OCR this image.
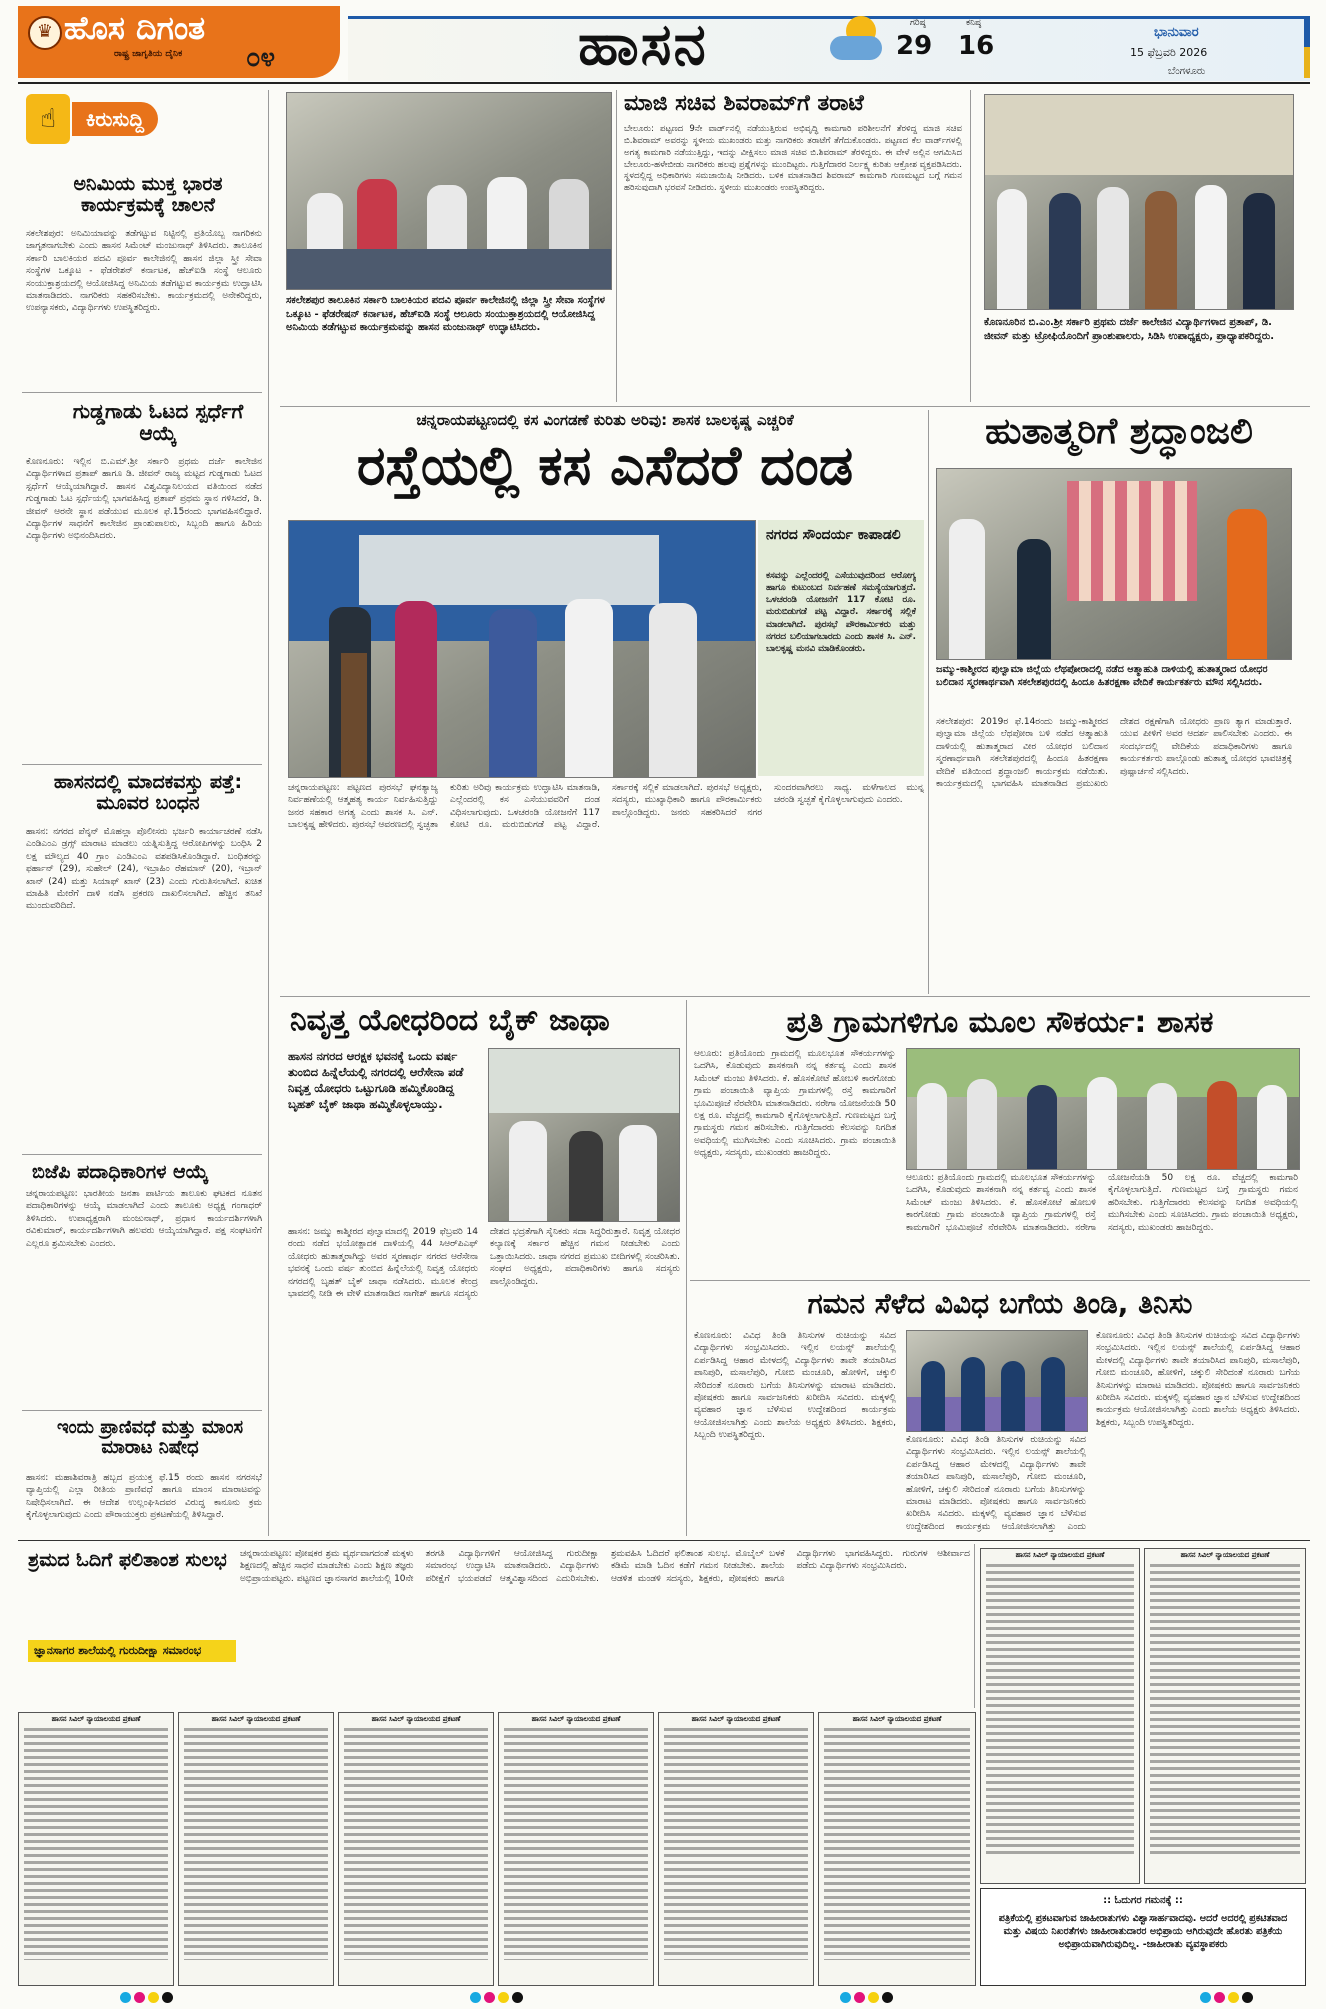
♛ ಹೊಸ ದಿಗಂತ
ರಾಷ್ಟ್ರ ಜಾಗೃತಿಯ ದೈನಿಕ ೦೪	ಹಾಸನ	ಗರಿಷ್ಠ
29
ಕನಿಷ್ಠ
16	ಭಾನುವಾರ
15 ಫೆಬ್ರವರಿ 2026
ಬೆಂಗಳೂರು
☝	ಕಿರುಸುದ್ದಿ
ಅನಿಮಿಯ ಮುಕ್ತ ಭಾರತ ಕಾರ್ಯಕ್ರಮಕ್ಕೆ ಚಾಲನೆ
ಸಕಲೇಶಪುರ: ಅನಿಮಿಯಾವನ್ನು ತಡೆಗಟ್ಟುವ ನಿಟ್ಟಿನಲ್ಲಿ ಪ್ರತಿಯೊಬ್ಬ ನಾಗರಿಕನು ಜಾಗೃತನಾಗಬೇಕು ಎಂದು ಹಾಸನ ಸಿಮೆಂಟ್ ಮಂಜುನಾಥ್ ತಿಳಿಸಿದರು. ತಾಲೂಕಿನ ಸರ್ಕಾರಿ ಬಾಲಕಿಯರ ಪದವಿ ಪೂರ್ವ ಕಾಲೇಜಿನಲ್ಲಿ ಹಾಸನ ಜಿಲ್ಲಾ ಸ್ತ್ರೀ ಸೇವಾ ಸಂಸ್ಥೆಗಳ ಒಕ್ಕೂಟ - ಫೆಡರೇಶನ್ ಕರ್ನಾಟಕ, ಹೆಚ್‌ಐಡಿ ಸಂಸ್ಥೆ ಆಲೂರು ಸಂಯುಕ್ತಾಶ್ರಯದಲ್ಲಿ ಆಯೋಜಿಸಿದ್ದ ಅನಿಮಿಯ ತಡೆಗಟ್ಟುವ ಕಾರ್ಯಕ್ರಮ ಉದ್ಘಾಟಿಸಿ ಮಾತನಾಡಿದರು. ನಾಗರಿಕರು ಸಹಕರಿಸಬೇಕು. ಕಾರ್ಯಕ್ರಮದಲ್ಲಿ ಅನೇಕರಿದ್ದರು, ಉಪನ್ಯಾಸಕರು, ವಿದ್ಯಾರ್ಥಿಗಳು ಉಪಸ್ಥಿತರಿದ್ದರು.
ಗುಡ್ಡಗಾಡು ಓಟದ ಸ್ಪರ್ಧೆಗೆ ಆಯ್ಕೆ
ಕೊಣನೂರು: ಇಲ್ಲಿನ ಬಿ.ಎಮ್.ಶ್ರೀ ಸರ್ಕಾರಿ ಪ್ರಥಮ ದರ್ಜೆ ಕಾಲೇಜಿನ ವಿದ್ಯಾರ್ಥಿಗಳಾದ ಪ್ರತಾಪ್ ಹಾಗೂ ಡಿ. ಜೀವನ್ ರಾಜ್ಯ ಮಟ್ಟದ ಗುಡ್ಡಗಾಡು ಓಟದ ಸ್ಪರ್ಧೆಗೆ ಆಯ್ಕೆಯಾಗಿದ್ದಾರೆ. ಹಾಸನ ವಿಶ್ವವಿದ್ಯಾನಿಲಯದ ವತಿಯಿಂದ ನಡೆದ ಗುಡ್ಡಗಾಡು ಓಟ ಸ್ಪರ್ಧೆಯಲ್ಲಿ ಭಾಗವಹಿಸಿದ್ದ ಪ್ರತಾಪ್ ಪ್ರಥಮ ಸ್ಥಾನ ಗಳಿಸಿದರೆ, ಡಿ. ಜೀವನ್ ಆರನೇ ಸ್ಥಾನ ಪಡೆಯುವ ಮೂಲಕ ಫೆ.15ರಂದು ಭಾಗವಹಿಸಲಿದ್ದಾರೆ. ವಿದ್ಯಾರ್ಥಿಗಳ ಸಾಧನೆಗೆ ಕಾಲೇಜಿನ ಪ್ರಾಂಶುಪಾಲರು, ಸಿಬ್ಬಂದಿ ಹಾಗೂ ಹಿರಿಯ ವಿದ್ಯಾರ್ಥಿಗಳು ಅಭಿನಂದಿಸಿದರು.
ಹಾಸನದಲ್ಲಿ ಮಾದಕವಸ್ತು ಪತ್ತೆ: ಮೂವರ ಬಂಧನ
ಹಾಸನ: ನಗರದ ಪೆನ್ಶನ್ ಮೊಹಲ್ಲಾ ಪೊಲೀಸರು ಭರ್ಜರಿ ಕಾರ್ಯಾಚರಣೆ ನಡೆಸಿ ಎಂಡಿಎಂಎ ಡ್ರಗ್ಸ್ ಮಾರಾಟ ಮಾಡಲು ಯತ್ನಿಸುತ್ತಿದ್ದ ಆರೋಪಿಗಳನ್ನು ಬಂಧಿಸಿ 2 ಲಕ್ಷ ಮೌಲ್ಯದ 40 ಗ್ರಾಂ ಎಂಡಿಎಂಎ ವಶಪಡಿಸಿಕೊಂಡಿದ್ದಾರೆ. ಬಂಧಿತರನ್ನು ಫರ್ಹಾನ್ (29), ಸುಹೇಲ್ (24), ಇಬ್ರಾಹಿಂ ರೆಹಮಾನ್ (20), ಇಬ್ರಾನ್ ಖಾನ್ (24) ಮತ್ತು ಸಿಯಾಫ್ ಖಾನ್ (23) ಎಂದು ಗುರುತಿಸಲಾಗಿದೆ. ಖಚಿತ ಮಾಹಿತಿ ಮೇರೆಗೆ ದಾಳಿ ನಡೆಸಿ ಪ್ರಕರಣ ದಾಖಲಿಸಲಾಗಿದೆ. ಹೆಚ್ಚಿನ ತನಿಖೆ ಮುಂದುವರಿದಿದೆ.
ಬಿಜೆಪಿ ಪದಾಧಿಕಾರಿಗಳ ಆಯ್ಕೆ
ಚನ್ನರಾಯಪಟ್ಟಣ: ಭಾರತೀಯ ಜನತಾ ಪಾರ್ಟಿಯ ತಾಲೂಕು ಘಟಕದ ನೂತನ ಪದಾಧಿಕಾರಿಗಳನ್ನು ಆಯ್ಕೆ ಮಾಡಲಾಗಿದೆ ಎಂದು ತಾಲೂಕು ಅಧ್ಯಕ್ಷ ಗಂಗಾಧರ್ ತಿಳಿಸಿದರು. ಉಪಾಧ್ಯಕ್ಷರಾಗಿ ಮಂಜುನಾಥ್, ಪ್ರಧಾನ ಕಾರ್ಯದರ್ಶಿಗಳಾಗಿ ರವಿಕುಮಾರ್, ಕಾರ್ಯದರ್ಶಿಗಳಾಗಿ ಹಲವರು ಆಯ್ಕೆಯಾಗಿದ್ದಾರೆ. ಪಕ್ಷ ಸಂಘಟನೆಗೆ ಎಲ್ಲರೂ ಶ್ರಮಿಸಬೇಕು ಎಂದರು.
ಇಂದು ಪ್ರಾಣಿವಧೆ ಮತ್ತು ಮಾಂಸ ಮಾರಾಟ ನಿಷೇಧ
ಹಾಸನ: ಮಹಾಶಿವರಾತ್ರಿ ಹಬ್ಬದ ಪ್ರಯುಕ್ತ ಫೆ.15 ರಂದು ಹಾಸನ ನಗರಸಭೆ ವ್ಯಾಪ್ತಿಯಲ್ಲಿ ಎಲ್ಲಾ ರೀತಿಯ ಪ್ರಾಣಿವಧೆ ಹಾಗೂ ಮಾಂಸ ಮಾರಾಟವನ್ನು ನಿಷೇಧಿಸಲಾಗಿದೆ. ಈ ಆದೇಶ ಉಲ್ಲಂಘಿಸಿದವರ ವಿರುದ್ಧ ಕಾನೂನು ಕ್ರಮ ಕೈಗೊಳ್ಳಲಾಗುವುದು ಎಂದು ಪೌರಾಯುಕ್ತರು ಪ್ರಕಟಣೆಯಲ್ಲಿ ತಿಳಿಸಿದ್ದಾರೆ.
ಸಕಲೇಶಪುರ ತಾಲೂಕಿನ ಸರ್ಕಾರಿ ಬಾಲಕಿಯರ ಪದವಿ ಪೂರ್ವ ಕಾಲೇಜಿನಲ್ಲಿ ಜಿಲ್ಲಾ ಸ್ತ್ರೀ ಸೇವಾ ಸಂಸ್ಥೆಗಳ ಒಕ್ಕೂಟ - ಫೆಡರೇಷನ್ ಕರ್ನಾಟಕ, ಹೆಚ್‌ಐಡಿ ಸಂಸ್ಥೆ ಆಲೂರು ಸಂಯುಕ್ತಾಶ್ರಯದಲ್ಲಿ ಆಯೋಜಿಸಿದ್ದ ಅನಿಮಿಯ ತಡೆಗಟ್ಟುವ ಕಾರ್ಯಕ್ರಮವನ್ನು ಹಾಸನ ಮಂಜುನಾಥ್ ಉದ್ಘಾಟಿಸಿದರು.
ಮಾಜಿ ಸಚಿವ ಶಿವರಾಮ್‌ಗೆ ತರಾಟೆ
ಬೇಲೂರು: ಪಟ್ಟಣದ 9ನೇ ವಾರ್ಡ್‌ನಲ್ಲಿ ನಡೆಯುತ್ತಿರುವ ಅಭಿವೃದ್ಧಿ ಕಾಮಗಾರಿ ಪರಿಶೀಲನೆಗೆ ತೆರಳಿದ್ದ ಮಾಜಿ ಸಚಿವ ಬಿ.ಶಿವರಾಮ್ ಅವರನ್ನು ಸ್ಥಳೀಯ ಮುಖಂಡರು ಮತ್ತು ನಾಗರಿಕರು ತರಾಟೆಗೆ ತೆಗೆದುಕೊಂಡರು. ಪಟ್ಟಣದ ಕೆಲ ವಾರ್ಡ್‌ಗಳಲ್ಲಿ ಅಗತ್ಯ ಕಾಮಗಾರಿ ನಡೆಯುತ್ತಿದ್ದು, ಇದನ್ನು ವೀಕ್ಷಿಸಲು ಮಾಜಿ ಸಚಿವ ಬಿ.ಶಿವರಾಮ್ ತೆರಳಿದ್ದರು. ಈ ವೇಳೆ ಅಲ್ಲಿನ ಆಗಮಿಸಿದ ಬೇಲೂರು-ಹಳೇಬೀಡು ನಾಗರಿಕರು ಹಲವು ಪ್ರಶ್ನೆಗಳನ್ನು ಮುಂದಿಟ್ಟರು. ಗುತ್ತಿಗೆದಾರರ ನಿರ್ಲಕ್ಷ್ಯ ಕುರಿತು ಆಕ್ರೋಶ ವ್ಯಕ್ತಪಡಿಸಿದರು. ಸ್ಥಳದಲ್ಲಿದ್ದ ಅಧಿಕಾರಿಗಳು ಸಮಜಾಯಿಷಿ ನೀಡಿದರು. ಬಳಿಕ ಮಾತನಾಡಿದ ಶಿವರಾಮ್ ಕಾಮಗಾರಿ ಗುಣಮಟ್ಟದ ಬಗ್ಗೆ ಗಮನ ಹರಿಸುವುದಾಗಿ ಭರವಸೆ ನೀಡಿದರು. ಸ್ಥಳೀಯ ಮುಖಂಡರು ಉಪಸ್ಥಿತರಿದ್ದರು.
ಕೊಣನೂರಿನ ಬಿ.ಎಂ.ಶ್ರೀ ಸರ್ಕಾರಿ ಪ್ರಥಮ ದರ್ಜೆ ಕಾಲೇಜಿನ ವಿದ್ಯಾರ್ಥಿಗಳಾದ ಪ್ರತಾಪ್, ಡಿ. ಜೀವನ್ ಮತ್ತು ಟ್ರೋಫಿಯೊಂದಿಗೆ ಪ್ರಾಂಶುಪಾಲರು, ಸಿಡಿಸಿ ಉಪಾಧ್ಯಕ್ಷರು, ಪ್ರಾಧ್ಯಾಪಕರಿದ್ದರು.
ಚನ್ನರಾಯಪಟ್ಟಣದಲ್ಲಿ ಕಸ ವಿಂಗಡಣೆ ಕುರಿತು ಅರಿವು: ಶಾಸಕ ಬಾಲಕೃಷ್ಣ ಎಚ್ಚರಿಕೆ
ರಸ್ತೆಯಲ್ಲಿ ಕಸ ಎಸೆದರೆ ದಂಡ
ನಗರದ ಸೌಂದರ್ಯ ಕಾಪಾಡಲಿ
ಕಸವನ್ನು ಎಲ್ಲೆಂದರಲ್ಲಿ ಎಸೆಯುವುದರಿಂದ ಆರೋಗ್ಯ ಹಾಗೂ ಕುಟುಂಬದ ನಿರ್ವಹಣೆ ಸಮಸ್ಯೆಯಾಗುತ್ತದೆ. ಒಳಚರಂಡಿ ಯೋಜನೆಗೆ 117 ಕೋಟಿ ರೂ. ಮರುಬಿಡುಗಡೆ ಪಟ್ಟ ವಿದ್ದಾರೆ. ಸರ್ಕಾರಕ್ಕೆ ಸಲ್ಲಿಕೆ ಮಾಡಲಾಗಿದೆ. ಪುರಸಭೆ ಪೌರಕಾರ್ಮಿಕರು ಮತ್ತು ನಗರದ ಬಲಿಯಾಗಬಾರದು ಎಂದು ಶಾಸಕ ಸಿ. ಎನ್. ಬಾಲಕೃಷ್ಣ ಮನವಿ ಮಾಡಿಕೊಂಡರು.
ಚನ್ನರಾಯಪಟ್ಟಣ: ಪಟ್ಟಣದ ಪುರಸಭೆ ಘನತ್ಯಾಜ್ಯ ನಿರ್ವಹಣೆಯಲ್ಲಿ ಆತ್ಮಹತ್ಯ ಕಾರ್ಯ ನಿರ್ವಹಿಸುತ್ತಿದ್ದು ಜನರ ಸಹಕಾರ ಅಗತ್ಯ ಎಂದು ಶಾಸಕ ಸಿ. ಎನ್. ಬಾಲಕೃಷ್ಣ ಹೇಳಿದರು. ಪುರಸಭೆ ಆವರಣದಲ್ಲಿ ಸ್ವಚ್ಛತಾ ಕುರಿತು ಅರಿವು ಕಾರ್ಯಕ್ರಮ ಉದ್ಘಾಟಿಸಿ ಮಾತನಾಡಿ, ಎಲ್ಲೆಂದರಲ್ಲಿ ಕಸ ಎಸೆಯುವವರಿಗೆ ದಂಡ ವಿಧಿಸಲಾಗುವುದು. ಒಳಚರಂಡಿ ಯೋಜನೆಗೆ 117 ಕೋಟಿ ರೂ. ಮರುಬಿಡುಗಡೆ ಪಟ್ಟ ವಿದ್ದಾರೆ. ಸರ್ಕಾರಕ್ಕೆ ಸಲ್ಲಿಕೆ ಮಾಡಲಾಗಿದೆ. ಪುರಸಭೆ ಅಧ್ಯಕ್ಷರು, ಸದಸ್ಯರು, ಮುಖ್ಯಾಧಿಕಾರಿ ಹಾಗೂ ಪೌರಕಾರ್ಮಿಕರು ಪಾಲ್ಗೊಂಡಿದ್ದರು. ಜನರು ಸಹಕರಿಸಿದರೆ ನಗರ ಸುಂದರವಾಗಿರಲು ಸಾಧ್ಯ. ಮಳೆಗಾಲದ ಮುನ್ನ ಚರಂಡಿ ಸ್ವಚ್ಛತೆ ಕೈಗೊಳ್ಳಲಾಗುವುದು ಎಂದರು.
ಹುತಾತ್ಮರಿಗೆ ಶ್ರದ್ಧಾಂಜಲಿ
ಜಮ್ಮು-ಕಾಶ್ಮೀರದ ಪುಲ್ವಾಮಾ ಜಿಲ್ಲೆಯ ಲೆಥಪೋರಾದಲ್ಲಿ ನಡೆದ ಆತ್ಮಾಹುತಿ ದಾಳಿಯಲ್ಲಿ ಹುತಾತ್ಮರಾದ ಯೋಧರ ಬಲಿದಾನ ಸ್ಮರಣಾರ್ಥವಾಗಿ ಸಕಲೇಶಪುರದಲ್ಲಿ ಹಿಂದೂ ಹಿತರಕ್ಷಣಾ ವೇದಿಕೆ ಕಾರ್ಯಕರ್ತರು ಮೌನ ಸಲ್ಲಿಸಿದರು.
ಸಕಲೇಶಪುರ: 2019ರ ಫೆ.14ರಂದು ಜಮ್ಮು-ಕಾಶ್ಮೀರದ ಪುಲ್ವಾಮಾ ಜಿಲ್ಲೆಯ ಲೆಥಪೋರಾ ಬಳಿ ನಡೆದ ಆತ್ಮಾಹುತಿ ದಾಳಿಯಲ್ಲಿ ಹುತಾತ್ಮರಾದ ವೀರ ಯೋಧರ ಬಲಿದಾನ ಸ್ಮರಣಾರ್ಥವಾಗಿ ಸಕಲೇಶಪುರದಲ್ಲಿ ಹಿಂದೂ ಹಿತರಕ್ಷಣಾ ವೇದಿಕೆ ವತಿಯಿಂದ ಶ್ರದ್ಧಾಂಜಲಿ ಕಾರ್ಯಕ್ರಮ ನಡೆಯಿತು. ಕಾರ್ಯಕ್ರಮದಲ್ಲಿ ಭಾಗವಹಿಸಿ ಮಾತನಾಡಿದ ಪ್ರಮುಖರು ದೇಶದ ರಕ್ಷಣೆಗಾಗಿ ಯೋಧರು ಪ್ರಾಣ ತ್ಯಾಗ ಮಾಡುತ್ತಾರೆ. ಯುವ ಪೀಳಿಗೆ ಅವರ ಆದರ್ಶ ಪಾಲಿಸಬೇಕು ಎಂದರು. ಈ ಸಂದರ್ಭದಲ್ಲಿ ವೇದಿಕೆಯ ಪದಾಧಿಕಾರಿಗಳು ಹಾಗೂ ಕಾರ್ಯಕರ್ತರು ಪಾಲ್ಗೊಂಡು ಹುತಾತ್ಮ ಯೋಧರ ಭಾವಚಿತ್ರಕ್ಕೆ ಪುಷ್ಪಾರ್ಚನೆ ಸಲ್ಲಿಸಿದರು.
ನಿವೃತ್ತ ಯೋಧರಿಂದ ಬೈಕ್ ಜಾಥಾ
ಹಾಸನ ನಗರದ ಆರಕ್ಷಕ ಭವನಕ್ಕೆ ಒಂದು ವರ್ಷ ತುಂಬಿದ ಹಿನ್ನೆಲೆಯಲ್ಲಿ ನಗರದಲ್ಲಿ ಆರೆಸೇನಾ ಪಡೆ ನಿವೃತ್ತ ಯೋಧರು ಒಟ್ಟುಗೂಡಿ ಹಮ್ಮಿಕೊಂಡಿದ್ದ ಬೃಹತ್ ಬೈಕ್ ಜಾಥಾ ಹಮ್ಮಿಕೊಳ್ಳಲಾಯ್ತು.
ಹಾಸನ: ಜಮ್ಮು ಕಾಶ್ಮೀರದ ಪುಲ್ವಾಮಾದಲ್ಲಿ 2019 ಫೆಬ್ರವರಿ 14 ರಂದು ನಡೆದ ಭಯೋತ್ಪಾದಕ ದಾಳಿಯಲ್ಲಿ 44 ಸಿಆರ್‌ಪಿಎಫ್ ಯೋಧರು ಹುತಾತ್ಮರಾಗಿದ್ದು ಅವರ ಸ್ಮರಣಾರ್ಥ ನಗರದ ಆರೆಸೇನಾ ಭವನಕ್ಕೆ ಒಂದು ವರ್ಷ ತುಂಬಿದ ಹಿನ್ನೆಲೆಯಲ್ಲಿ ನಿವೃತ್ತ ಯೋಧರು ನಗರದಲ್ಲಿ ಬೃಹತ್ ಬೈಕ್ ಜಾಥಾ ನಡೆಸಿದರು. ಮೂಲಕ ಕೇಂದ್ರ ಭಾವದಲ್ಲಿ ನೀಡಿ ಈ ವೇಳೆ ಮಾತನಾಡಿದ ನಾಗೇಶ್ ಹಾಗೂ ಸದಸ್ಯರು ದೇಶದ ಭದ್ರತೆಗಾಗಿ ಸೈನಿಕರು ಸದಾ ಸಿದ್ಧರಿರುತ್ತಾರೆ. ನಿವೃತ್ತ ಯೋಧರ ಕಲ್ಯಾಣಕ್ಕೆ ಸರ್ಕಾರ ಹೆಚ್ಚಿನ ಗಮನ ನೀಡಬೇಕು ಎಂದು ಒತ್ತಾಯಿಸಿದರು. ಜಾಥಾ ನಗರದ ಪ್ರಮುಖ ಬೀದಿಗಳಲ್ಲಿ ಸಂಚರಿಸಿತು. ಸಂಘದ ಅಧ್ಯಕ್ಷರು, ಪದಾಧಿಕಾರಿಗಳು ಹಾಗೂ ಸದಸ್ಯರು ಪಾಲ್ಗೊಂಡಿದ್ದರು.
ಪ್ರತಿ ಗ್ರಾಮಗಳಿಗೂ ಮೂಲ ಸೌಕರ್ಯ: ಶಾಸಕ
ಆಲೂರು: ಪ್ರತಿಯೊಂದು ಗ್ರಾಮದಲ್ಲಿ ಮೂಲಭೂತ ಸೌಕರ್ಯಗಳನ್ನು ಒದಗಿಸಿ, ಕೊಡುವುದು ಶಾಸಕನಾಗಿ ನನ್ನ ಕರ್ತವ್ಯ ಎಂದು ಶಾಸಕ ಸಿಮೆಂಟ್ ಮಂಜು ತಿಳಿಸಿದರು. ಕೆ. ಹೊಸಕೋಟೆ ಹೋಬಳಿ ಕಾರಗೋಡು ಗ್ರಾಮ ಪಂಚಾಯಿತಿ ವ್ಯಾಪ್ತಿಯ ಗ್ರಾಮಗಳಲ್ಲಿ ರಸ್ತೆ ಕಾಮಗಾರಿಗೆ ಭೂಮಿಪೂಜೆ ನೆರವೇರಿಸಿ ಮಾತನಾಡಿದರು. ನರೇಗಾ ಯೋಜನೆಯಡಿ 50 ಲಕ್ಷ ರೂ. ವೆಚ್ಚದಲ್ಲಿ ಕಾಮಗಾರಿ ಕೈಗೊಳ್ಳಲಾಗುತ್ತಿದೆ. ಗುಣಮಟ್ಟದ ಬಗ್ಗೆ ಗ್ರಾಮಸ್ಥರು ಗಮನ ಹರಿಸಬೇಕು. ಗುತ್ತಿಗೆದಾರರು ಕೆಲಸವನ್ನು ನಿಗದಿತ ಅವಧಿಯಲ್ಲಿ ಮುಗಿಸಬೇಕು ಎಂದು ಸೂಚಿಸಿದರು. ಗ್ರಾಮ ಪಂಚಾಯಿತಿ ಅಧ್ಯಕ್ಷರು, ಸದಸ್ಯರು, ಮುಖಂಡರು ಹಾಜರಿದ್ದರು.
ಆಲೂರು: ಪ್ರತಿಯೊಂದು ಗ್ರಾಮದಲ್ಲಿ ಮೂಲಭೂತ ಸೌಕರ್ಯಗಳನ್ನು ಒದಗಿಸಿ, ಕೊಡುವುದು ಶಾಸಕನಾಗಿ ನನ್ನ ಕರ್ತವ್ಯ ಎಂದು ಶಾಸಕ ಸಿಮೆಂಟ್ ಮಂಜು ತಿಳಿಸಿದರು. ಕೆ. ಹೊಸಕೋಟೆ ಹೋಬಳಿ ಕಾರಗೋಡು ಗ್ರಾಮ ಪಂಚಾಯಿತಿ ವ್ಯಾಪ್ತಿಯ ಗ್ರಾಮಗಳಲ್ಲಿ ರಸ್ತೆ ಕಾಮಗಾರಿಗೆ ಭೂಮಿಪೂಜೆ ನೆರವೇರಿಸಿ ಮಾತನಾಡಿದರು. ನರೇಗಾ ಯೋಜನೆಯಡಿ 50 ಲಕ್ಷ ರೂ. ವೆಚ್ಚದಲ್ಲಿ ಕಾಮಗಾರಿ ಕೈಗೊಳ್ಳಲಾಗುತ್ತಿದೆ. ಗುಣಮಟ್ಟದ ಬಗ್ಗೆ ಗ್ರಾಮಸ್ಥರು ಗಮನ ಹರಿಸಬೇಕು. ಗುತ್ತಿಗೆದಾರರು ಕೆಲಸವನ್ನು ನಿಗದಿತ ಅವಧಿಯಲ್ಲಿ ಮುಗಿಸಬೇಕು ಎಂದು ಸೂಚಿಸಿದರು. ಗ್ರಾಮ ಪಂಚಾಯಿತಿ ಅಧ್ಯಕ್ಷರು, ಸದಸ್ಯರು, ಮುಖಂಡರು ಹಾಜರಿದ್ದರು.
ಗಮನ ಸೆಳೆದ ವಿವಿಧ ಬಗೆಯ ತಿಂಡಿ, ತಿನಿಸು
ಕೊಣನೂರು: ವಿವಿಧ ತಿಂಡಿ ತಿನಿಸುಗಳ ರುಚಿಯನ್ನು ಸವಿದ ವಿದ್ಯಾರ್ಥಿಗಳು ಸಂಭ್ರಮಿಸಿದರು. ಇಲ್ಲಿನ ಲಯನ್ಸ್ ಶಾಲೆಯಲ್ಲಿ ಏರ್ಪಡಿಸಿದ್ದ ಆಹಾರ ಮೇಳದಲ್ಲಿ ವಿದ್ಯಾರ್ಥಿಗಳು ತಾವೇ ತಯಾರಿಸಿದ ಪಾನಿಪುರಿ, ಮಸಾಲೆಪುರಿ, ಗೋಬಿ ಮಂಚೂರಿ, ಹೋಳಿಗೆ, ಚಕ್ಕುಲಿ ಸೇರಿದಂತೆ ನೂರಾರು ಬಗೆಯ ತಿನಿಸುಗಳನ್ನು ಮಾರಾಟ ಮಾಡಿದರು. ಪೋಷಕರು ಹಾಗೂ ಸಾರ್ವಜನಿಕರು ಖರೀದಿಸಿ ಸವಿದರು. ಮಕ್ಕಳಲ್ಲಿ ವ್ಯವಹಾರ ಜ್ಞಾನ ಬೆಳೆಸುವ ಉದ್ದೇಶದಿಂದ ಕಾರ್ಯಕ್ರಮ ಆಯೋಜಿಸಲಾಗಿತ್ತು ಎಂದು ಶಾಲೆಯ ಅಧ್ಯಕ್ಷರು ತಿಳಿಸಿದರು. ಶಿಕ್ಷಕರು, ಸಿಬ್ಬಂದಿ ಉಪಸ್ಥಿತರಿದ್ದರು.	ಕೊಣನೂರು: ವಿವಿಧ ತಿಂಡಿ ತಿನಿಸುಗಳ ರುಚಿಯನ್ನು ಸವಿದ ವಿದ್ಯಾರ್ಥಿಗಳು ಸಂಭ್ರಮಿಸಿದರು. ಇಲ್ಲಿನ ಲಯನ್ಸ್ ಶಾಲೆಯಲ್ಲಿ ಏರ್ಪಡಿಸಿದ್ದ ಆಹಾರ ಮೇಳದಲ್ಲಿ ವಿದ್ಯಾರ್ಥಿಗಳು ತಾವೇ ತಯಾರಿಸಿದ ಪಾನಿಪುರಿ, ಮಸಾಲೆಪುರಿ, ಗೋಬಿ ಮಂಚೂರಿ, ಹೋಳಿಗೆ, ಚಕ್ಕುಲಿ ಸೇರಿದಂತೆ ನೂರಾರು ಬಗೆಯ ತಿನಿಸುಗಳನ್ನು ಮಾರಾಟ ಮಾಡಿದರು. ಪೋಷಕರು ಹಾಗೂ ಸಾರ್ವಜನಿಕರು ಖರೀದಿಸಿ ಸವಿದರು. ಮಕ್ಕಳಲ್ಲಿ ವ್ಯವಹಾರ ಜ್ಞಾನ ಬೆಳೆಸುವ ಉದ್ದೇಶದಿಂದ ಕಾರ್ಯಕ್ರಮ ಆಯೋಜಿಸಲಾಗಿತ್ತು ಎಂದು
ಕೊಣನೂರು: ವಿವಿಧ ತಿಂಡಿ ತಿನಿಸುಗಳ ರುಚಿಯನ್ನು ಸವಿದ ವಿದ್ಯಾರ್ಥಿಗಳು ಸಂಭ್ರಮಿಸಿದರು. ಇಲ್ಲಿನ ಲಯನ್ಸ್ ಶಾಲೆಯಲ್ಲಿ ಏರ್ಪಡಿಸಿದ್ದ ಆಹಾರ ಮೇಳದಲ್ಲಿ ವಿದ್ಯಾರ್ಥಿಗಳು ತಾವೇ ತಯಾರಿಸಿದ ಪಾನಿಪುರಿ, ಮಸಾಲೆಪುರಿ, ಗೋಬಿ ಮಂಚೂರಿ, ಹೋಳಿಗೆ, ಚಕ್ಕುಲಿ ಸೇರಿದಂತೆ ನೂರಾರು ಬಗೆಯ ತಿನಿಸುಗಳನ್ನು ಮಾರಾಟ ಮಾಡಿದರು. ಪೋಷಕರು ಹಾಗೂ ಸಾರ್ವಜನಿಕರು ಖರೀದಿಸಿ ಸವಿದರು. ಮಕ್ಕಳಲ್ಲಿ ವ್ಯವಹಾರ ಜ್ಞಾನ ಬೆಳೆಸುವ ಉದ್ದೇಶದಿಂದ ಕಾರ್ಯಕ್ರಮ ಆಯೋಜಿಸಲಾಗಿತ್ತು ಎಂದು ಶಾಲೆಯ ಅಧ್ಯಕ್ಷರು ತಿಳಿಸಿದರು. ಶಿಕ್ಷಕರು, ಸಿಬ್ಬಂದಿ ಉಪಸ್ಥಿತರಿದ್ದರು.
ಶ್ರಮದ ಓದಿಗೆ ಫಲಿತಾಂಶ ಸುಲಭ
ಜ್ಞಾನಸಾಗರ ಶಾಲೆಯಲ್ಲಿ ಗುರುದೀಕ್ಷಾ ಸಮಾರಂಭ
ಚನ್ನರಾಯಪಟ್ಟಣ: ಪೋಷಕರ ಶ್ರಮ ವ್ಯರ್ಥವಾಗದಂತೆ ಮಕ್ಕಳು ಶಿಕ್ಷಣದಲ್ಲಿ ಹೆಚ್ಚಿನ ಸಾಧನೆ ಮಾಡಬೇಕು ಎಂದು ಶಿಕ್ಷಣ ತಜ್ಞರು ಅಭಿಪ್ರಾಯಪಟ್ಟರು. ಪಟ್ಟಣದ ಜ್ಞಾನಸಾಗರ ಶಾಲೆಯಲ್ಲಿ 10ನೇ ತರಗತಿ ವಿದ್ಯಾರ್ಥಿಗಳಿಗೆ ಆಯೋಜಿಸಿದ್ದ ಗುರುದೀಕ್ಷಾ ಸಮಾರಂಭ ಉದ್ಘಾಟಿಸಿ ಮಾತನಾಡಿದರು. ವಿದ್ಯಾರ್ಥಿಗಳು ಪರೀಕ್ಷೆಗೆ ಭಯಪಡದೆ ಆತ್ಮವಿಶ್ವಾಸದಿಂದ ಎದುರಿಸಬೇಕು. ಶ್ರಮವಹಿಸಿ ಓದಿದರೆ ಫಲಿತಾಂಶ ಸುಲಭ. ಮೊಬೈಲ್ ಬಳಕೆ ಕಡಿಮೆ ಮಾಡಿ ಓದಿನ ಕಡೆಗೆ ಗಮನ ನೀಡಬೇಕು. ಶಾಲೆಯ ಆಡಳಿತ ಮಂಡಳಿ ಸದಸ್ಯರು, ಶಿಕ್ಷಕರು, ಪೋಷಕರು ಹಾಗೂ ವಿದ್ಯಾರ್ಥಿಗಳು ಭಾಗವಹಿಸಿದ್ದರು. ಗುರುಗಳ ಆಶೀರ್ವಾದ ಪಡೆದು ವಿದ್ಯಾರ್ಥಿಗಳು ಸಂಭ್ರಮಿಸಿದರು.
ಹಾಸನ ಸಿವಿಲ್ ನ್ಯಾಯಾಲಯದ ಪ್ರಕಟಣೆ	ಹಾಸನ ಸಿವಿಲ್ ನ್ಯಾಯಾಲಯದ ಪ್ರಕಟಣೆ
ಹಾಸನ ಸಿವಿಲ್ ನ್ಯಾಯಾಲಯದ ಪ್ರಕಟಣೆ	ಹಾಸನ ಸಿವಿಲ್ ನ್ಯಾಯಾಲಯದ ಪ್ರಕಟಣೆ	ಹಾಸನ ಸಿವಿಲ್ ನ್ಯಾಯಾಲಯದ ಪ್ರಕಟಣೆ	ಹಾಸನ ಸಿವಿಲ್ ನ್ಯಾಯಾಲಯದ ಪ್ರಕಟಣೆ	ಹಾಸನ ಸಿವಿಲ್ ನ್ಯಾಯಾಲಯದ ಪ್ರಕಟಣೆ	ಹಾಸನ ಸಿವಿಲ್ ನ್ಯಾಯಾಲಯದ ಪ್ರಕಟಣೆ
:: ಓದುಗರ ಗಮನಕ್ಕೆ ::
ಪತ್ರಿಕೆಯಲ್ಲಿ ಪ್ರಕಟವಾಗುವ ಜಾಹೀರಾತುಗಳು ವಿಶ್ವಾಸಾರ್ಹವಾದವು. ಆದರೆ ಅದರಲ್ಲಿ ಪ್ರಕಟಿತವಾದ ಮತ್ತು ವಿಷಯ ನಿಖರತೆಗಳು ಜಾಹೀರಾತುದಾರರ ಅಭಿಪ್ರಾಯ ಆಗಿರುವುದೇ ಹೊರತು ಪತ್ರಿಕೆಯ ಅಭಿಪ್ರಾಯವಾಗಿರುವುದಿಲ್ಲ. -ಜಾಹೀರಾತು ವ್ಯವಸ್ಥಾಪಕರು
